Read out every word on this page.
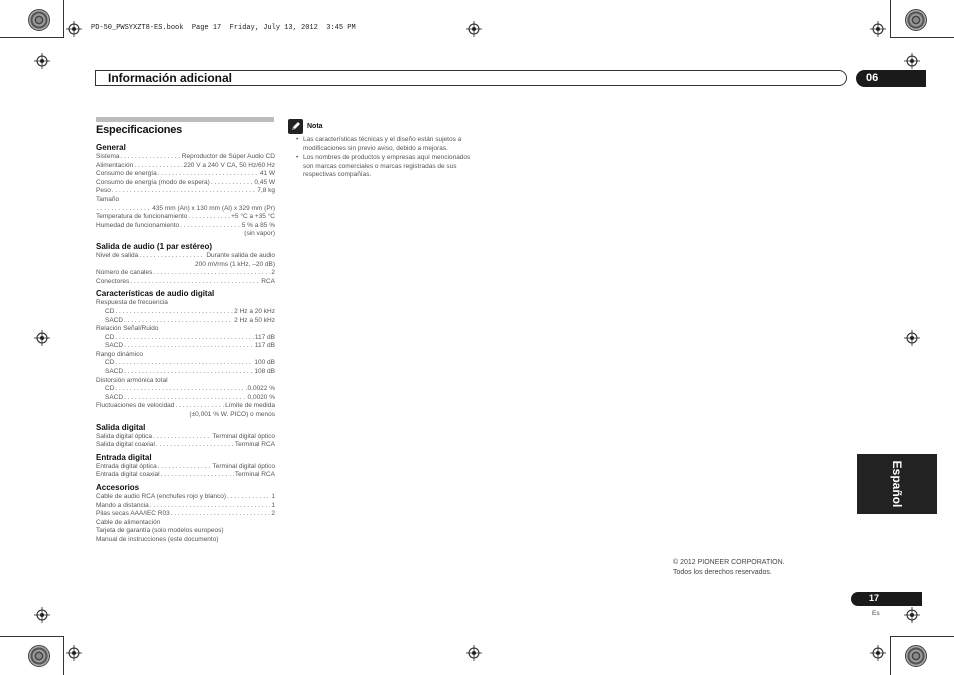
PD-50_PWSYXZT8-ES.book  Page 17  Friday, July 13, 2012  3:45 PM
Información adicional	06
Español
Especificaciones
General
Sistema . . .	Reproductor de Súper Audio CD
Alimentación . . .	220 V a 240 V CA, 50 Hz/60 Hz
Consumo de energía . . .	41 W
Consumo de energía (modo de espera) . . .	0,45 W
Peso . . .	7,8 kg
Tamaño
. . .
435 mm (An) x 130 mm (Al) x 329 mm (Pr)
Temperatura de funcionamiento . . .	+5 °C a +35 °C
Humedad de funcionamiento . . .	5 % a 85 %
(sin vapor)
Salida de audio (1 par estéreo)
Nivel de salida . . .	Durante salida de audio
200 mVrms (1 kHz, –20 dB)
Número de canales . . .	2
Conectores . . .	RCA
Características de audio digital
Respuesta de frecuencia
CD . . .	2 Hz a 20 kHz
SACD . . .	2 Hz a 50 kHz
Relación Señal/Ruido
CD . . .	117 dB
SACD . . .	117 dB
Rango dinámico
CD . . .	100 dB
SACD . . .	108 dB
Distorsión armónica total
CD . . .	0,0022 %
SACD . . .	0,0020 %
Fluctuaciones de velocidad . . .	Límite de medida
(±0,001 % W. PICO) o menos
Salida digital
Salida digital óptica . . .	Terminal digital óptico
Salida digital coaxial . . .	Terminal RCA
Entrada digital
Entrada digital óptica . . .	Terminal digital óptico
Entrada digital coaxial . . .	Terminal RCA
Accesorios
Cable de audio RCA (enchufes rojo y blanco) . . .	1
Mando a distancia . . .	1
Pilas secas AAA/IEC R03 . . .	2
Cable de alimentación
Tarjeta de garantía (solo modelos europeos)
Manual de instrucciones (este documento)
Nota
• Las características técnicas y el diseño están sujetos a modificaciones sin previo aviso, debido a mejoras.
• Los nombres de productos y empresas aquí mencionados son marcas comerciales o marcas registradas de sus respectivas compañías.
© 2012 PIONEER CORPORATION.
Todos los derechos reservados.
17
Es
